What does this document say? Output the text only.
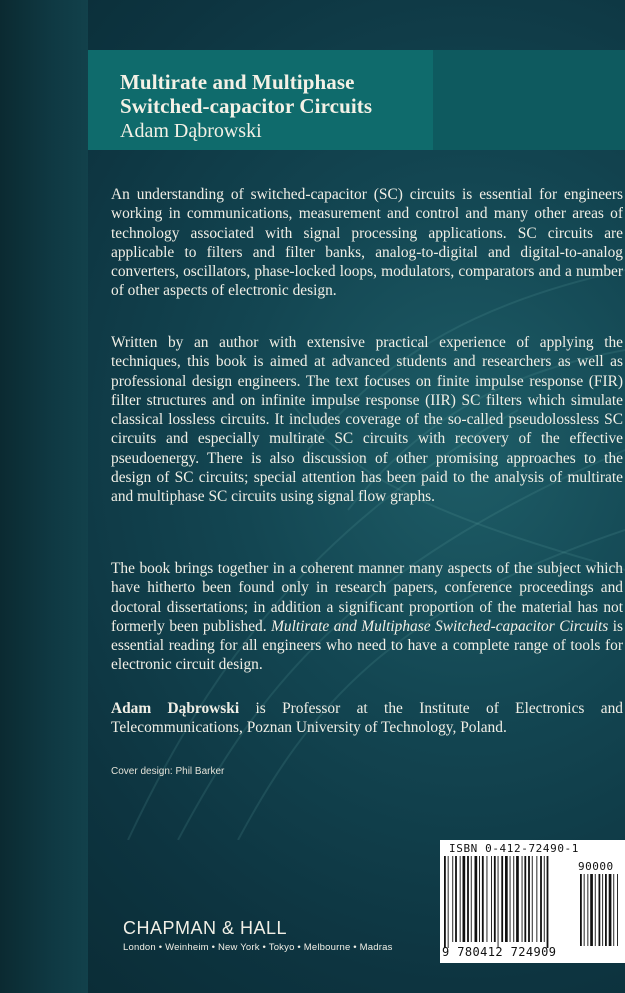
Multirate and Multiphase
Switched-capacitor Circuits
Adam Dąbrowski

An understanding of switched-capacitor (SC) circuits is essential for engineers working in communications, measurement and control and many other areas of technology associated with signal processing applications. SC circuits are applicable to filters and filter banks, analog-to-digital and digital-to-analog converters, oscillators, phase-locked loops, modulators, comparators and a number of other aspects of electronic design.

Written by an author with extensive practical experience of applying the techniques, this book is aimed at advanced students and researchers as well as professional design engineers. The text focuses on finite impulse response (FIR) filter structures and on infinite impulse response (IIR) SC filters which simulate classical lossless circuits. It includes coverage of the so-called pseudolossless SC circuits and especially multirate SC circuits with recovery of the effective pseudoenergy. There is also discussion of other promising approaches to the design of SC circuits; special attention has been paid to the analysis of multirate and multiphase SC circuits using signal flow graphs.

The book brings together in a coherent manner many aspects of the subject which have hitherto been found only in research papers, conference proceedings and doctoral dissertations; in addition a significant proportion of the material has not formerly been published. Multirate and Multiphase Switched-capacitor Circuits is essential reading for all engineers who need to have a complete range of tools for electronic circuit design.

Adam Dąbrowski is Professor at the Institute of Electronics and Telecommunications, Poznan University of Technology, Poland.

Cover design: Phil Barker
CHAPMAN & HALL
London • Weinheim • New York • Tokyo • Melbourne • Madras
ISBN 0-412-72490-1
90000
9 780412 724909
